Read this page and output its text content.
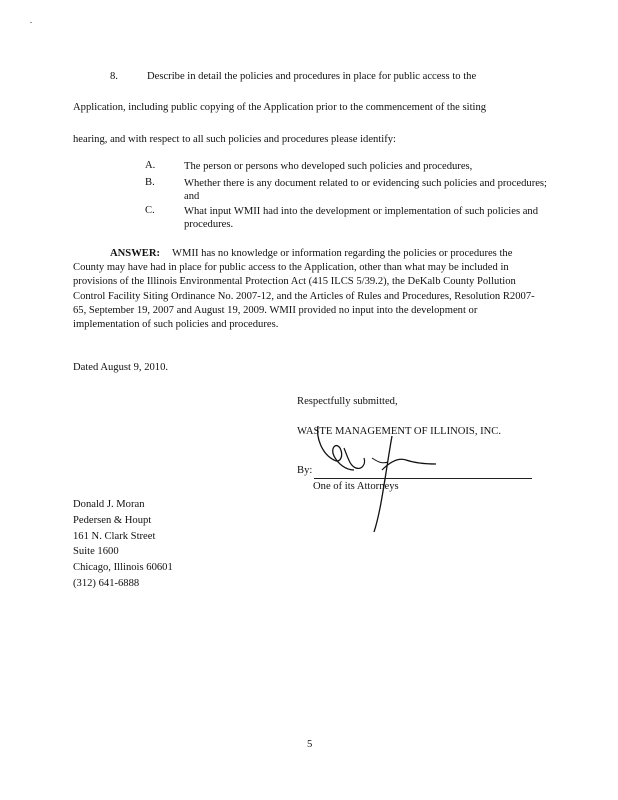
8.	Describe in detail the policies and procedures in place for public access to the
Application, including public copying of the Application prior to the commencement of the siting
hearing, and with respect to all such policies and procedures please identify:
A.	The person or persons who developed such policies and procedures,
B.	Whether there is any document related to or evidencing such policies and procedures; and
C.	What input WMII had into the development or implementation of such policies and procedures.
ANSWER: WMII has no knowledge or information regarding the policies or procedures the County may have had in place for public access to the Application, other than what may be included in provisions of the Illinois Environmental Protection Act (415 ILCS 5/39.2), the DeKalb County Pollution Control Facility Siting Ordinance No. 2007-12, and the Articles of Rules and Procedures, Resolution R2007-65, September 19, 2007 and August 19, 2009. WMII provided no input into the development or implementation of such policies and procedures.
Dated August 9, 2010.
Respectfully submitted,
WASTE MANAGEMENT OF ILLINOIS, INC.
By:
One of its Attorneys
Donald J. Moran
Pedersen & Houpt
161 N. Clark Street
Suite 1600
Chicago, Illinois 60601
(312) 641-6888
5
